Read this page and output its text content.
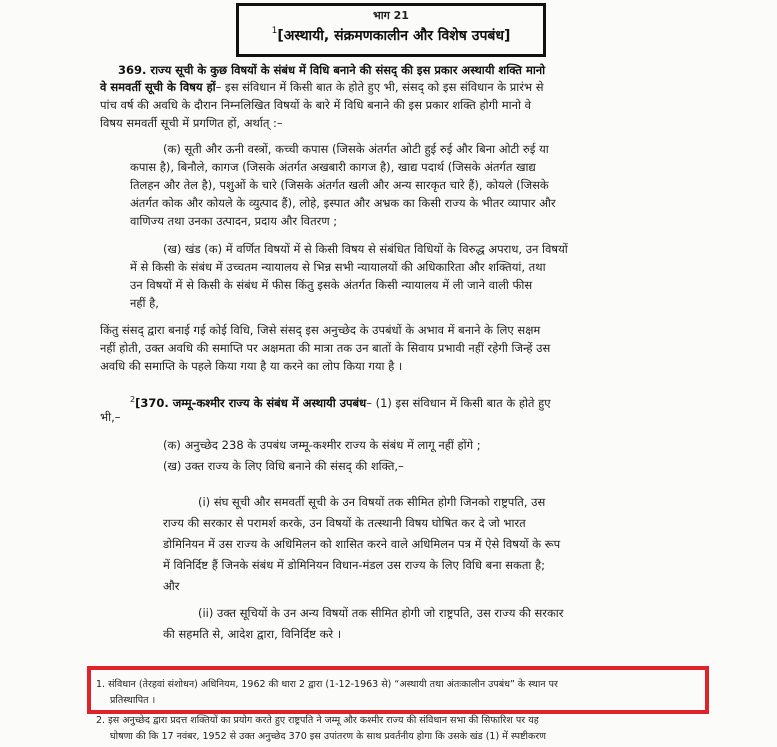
भाग 21
$^1$[अस्थायी, संक्रमणकालीन और विशेष उपबंध]
369. राज्य सूची के कुछ विषयों के संबंध में विधि बनाने की संसद् की इस प्रकार अस्थायी शक्ति मानो
वे समवर्ती सूची के विषय हों– इस संविधान में किसी बात के होते हुए भी, संसद् को इस संविधान के प्रारंभ से
पांच वर्ष की अवधि के दौरान निम्नलिखित विषयों के बारे में विधि बनाने की इस प्रकार शक्ति होगी मानो वे
विषय समवर्ती सूची में प्रगणित हों, अर्थात् :–
(क) सूती और ऊनी वस्त्रों, कच्ची कपास (जिसके अंतर्गत ओटी हुई रुई और बिना ओटी रुई या
कपास है), बिनौले, कागज (जिसके अंतर्गत अखबारी कागज है), खाद्य पदार्थ (जिसके अंतर्गत खाद्य
तिलहन और तेल है), पशुओं के चारे (जिसके अंतर्गत खली और अन्य सारकृत चारे हैं), कोयले (जिसके
अंतर्गत कोक और कोयले के व्युत्पाद हैं), लोहे, इस्पात और अभ्रक का किसी राज्य के भीतर व्यापार और
वाणिज्य तथा उनका उत्पादन, प्रदाय और वितरण ;
(ख) खंड (क) में वर्णित विषयों में से किसी विषय से संबंधित विधियों के विरुद्ध अपराध, उन विषयों
में से किसी के संबंध में उच्चतम न्यायालय से भिन्न सभी न्यायालयों की अधिकारिता और शक्तियां, तथा
उन विषयों में से किसी के संबंध में फीस किंतु इसके अंतर्गत किसी न्यायालय में ली जाने वाली फीस
नहीं है,
किंतु संसद् द्वारा बनाई गई कोई विधि, जिसे संसद् इस अनुच्छेद के उपबंधों के अभाव में बनाने के लिए सक्षम
नहीं होती, उक्त अवधि की समाप्ति पर अक्षमता की मात्रा तक उन बातों के सिवाय प्रभावी नहीं रहेगी जिन्हें उस
अवधि की समाप्ति के पहले किया गया है या करने का लोप किया गया है ।
$^2$[370. जम्मू-कश्मीर राज्य के संबंध में अस्थायी उपबंध– (1) इस संविधान में किसी बात के होते हुए
भी,–
(क) अनुच्छेद 238 के उपबंध जम्मू-कश्मीर राज्य के संबंध में लागू नहीं होंगे ;
(ख) उक्त राज्य के लिए विधि बनाने की संसद् की शक्ति,–
(i) संघ सूची और समवर्ती सूची के उन विषयों तक सीमित होगी जिनको राष्ट्रपति, उस
राज्य की सरकार से परामर्श करके, उन विषयों के तत्स्थानी विषय घोषित कर दे जो भारत
डोमिनियन में उस राज्य के अधिमिलन को शासित करने वाले अधिमिलन पत्र में ऐसे विषयों के रूप
में विनिर्दिष्ट हैं जिनके संबंध में डोमिनियन विधान-मंडल उस राज्य के लिए विधि बना सकता है;
और
(ii) उक्त सूचियों के उन अन्य विषयों तक सीमित होगी जो राष्ट्रपति, उस राज्य की सरकार
की सहमति से, आदेश द्वारा, विनिर्दिष्ट करे ।
1. संविधान (तेरहवां संशोधन) अधिनियम, 1962 की धारा 2 द्वारा (1-12-1963 से) “अस्थायी तथा अंतःकालीन उपबंध” के स्थान पर
प्रतिस्थापित ।
2. इस अनुच्छेद द्वारा प्रदत्त शक्तियों का प्रयोग करते हुए राष्ट्रपति ने जम्मू और कश्मीर राज्य की संविधान सभा की सिफारिश पर यह
घोषणा की कि 17 नवंबर, 1952 से उक्त अनुच्छेद 370 इस उपांतरण के साथ प्रवर्तनीय होगा कि उसके खंड (1) में स्पष्टीकरण
